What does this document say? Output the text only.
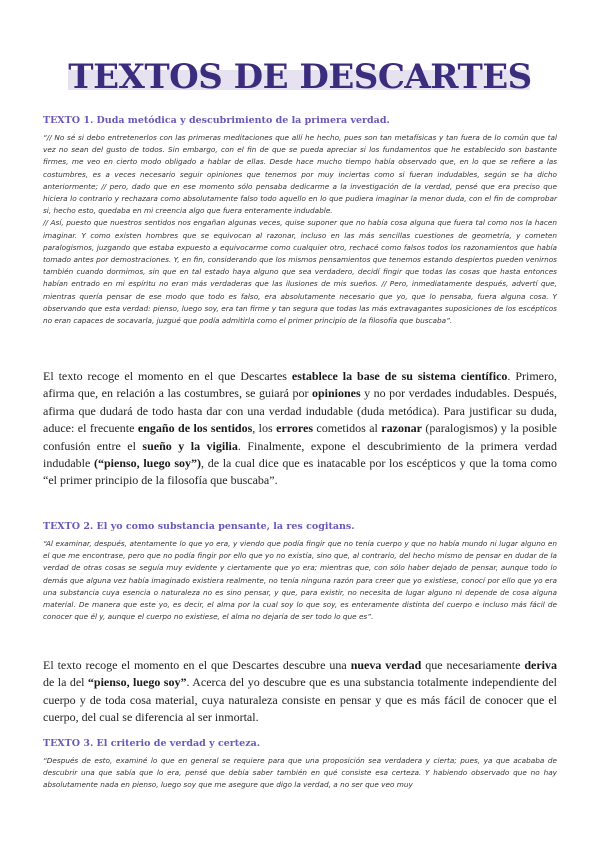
TEXTOS DE DESCARTES
TEXTO 1. Duda metódica y descubrimiento de la primera verdad.
“// No sé si debo entretenerlos con las primeras meditaciones que allí he hecho, pues son tan metafísicas y tan fuera de lo común que tal vez no sean del gusto de todos. Sin embargo, con el fin de que se pueda apreciar si los fundamentos que he establecido son bastante firmes, me veo en cierto modo obligado a hablar de ellas. Desde hace mucho tiempo había observado que, en lo que se refiere a las costumbres, es a veces necesario seguir opiniones que tenemos por muy inciertas como si fueran indudables, según se ha dicho anteriormente; // pero, dado que en ese momento sólo pensaba dedicarme a la investigación de la verdad, pensé que era preciso que hiciera lo contrario y rechazara como absolutamente falso todo aquello en lo que pudiera imaginar la menor duda, con el fin de comprobar si, hecho esto, quedaba en mi creencia algo que fuera enteramente indudable.
// Así, puesto que nuestros sentidos nos engañan algunas veces, quise suponer que no había cosa alguna que fuera tal como nos la hacen imaginar. Y como existen hombres que se equivocan al razonar, incluso en las más sencillas cuestiones de geometría, y cometen paralogismos, juzgando que estaba expuesto a equivocarme como cualquier otro, rechacé como falsos todos los razonamientos que había tomado antes por demostraciones. Y, en fin, considerando que los mismos pensamientos que tenemos estando despiertos pueden venirnos también cuando dormimos, sin que en tal estado haya alguno que sea verdadero, decidí fingir que todas las cosas que hasta entonces habían entrado en mi espíritu no eran más verdaderas que las ilusiones de mis sueños. // Pero, inmediatamente después, advertí que, mientras quería pensar de ese modo que todo es falso, era absolutamente necesario que yo, que lo pensaba, fuera alguna cosa. Y observando que esta verdad: pienso, luego soy, era tan firme y tan segura que todas las más extravagantes suposiciones de los escépticos no eran capaces de socavarla, juzgué que podía admitirla como el primer principio de la filosofía que buscaba”.
El texto recoge el momento en el que Descartes establece la base de su sistema científico. Primero, afirma que, en relación a las costumbres, se guiará por opiniones y no por verdades indudables. Después, afirma que dudará de todo hasta dar con una verdad indudable (duda metódica). Para justificar su duda, aduce: el frecuente engaño de los sentidos, los errores cometidos al razonar (paralogismos) y la posible confusión entre el sueño y la vigilia. Finalmente, expone el descubrimiento de la primera verdad indudable (“pienso, luego soy”), de la cual dice que es inatacable por los escépticos y que la toma como “el primer principio de la filosofía que buscaba”.
TEXTO 2. El yo como substancia pensante, la res cogitans.
“Al examinar, después, atentamente lo que yo era, y viendo que podía fingir que no tenía cuerpo y que no había mundo ni lugar alguno en el que me encontrase, pero que no podía fingir por ello que yo no existía, sino que, al contrario, del hecho mismo de pensar en dudar de la verdad de otras cosas se seguía muy evidente y ciertamente que yo era; mientras que, con sólo haber dejado de pensar, aunque todo lo demás que alguna vez había imaginado existiera realmente, no tenía ninguna razón para creer que yo existiese, conocí por ello que yo era una substancia cuya esencia o naturaleza no es sino pensar, y que, para existir, no necesita de lugar alguno ni depende de cosa alguna material. De manera que este yo, es decir, el alma por la cual soy lo que soy, es enteramente distinta del cuerpo e incluso más fácil de conocer que él y, aunque el cuerpo no existiese, el alma no dejaría de ser todo lo que es”.
El texto recoge el momento en el que Descartes descubre una nueva verdad que necesariamente deriva de la del “pienso, luego soy”. Acerca del yo descubre que es una substancia totalmente independiente del cuerpo y de toda cosa material, cuya naturaleza consiste en pensar y que es más fácil de conocer que el cuerpo, del cual se diferencia al ser inmortal.
TEXTO 3. El criterio de verdad y certeza.
“Después de esto, examiné lo que en general se requiere para que una proposición sea verdadera y cierta; pues, ya que acababa de descubrir una que sabía que lo era, pensé que debía saber también en qué consiste esa certeza. Y habiendo observado que no hay absolutamente nada en pienso, luego soy que me asegure que digo la verdad, a no ser que veo muy
